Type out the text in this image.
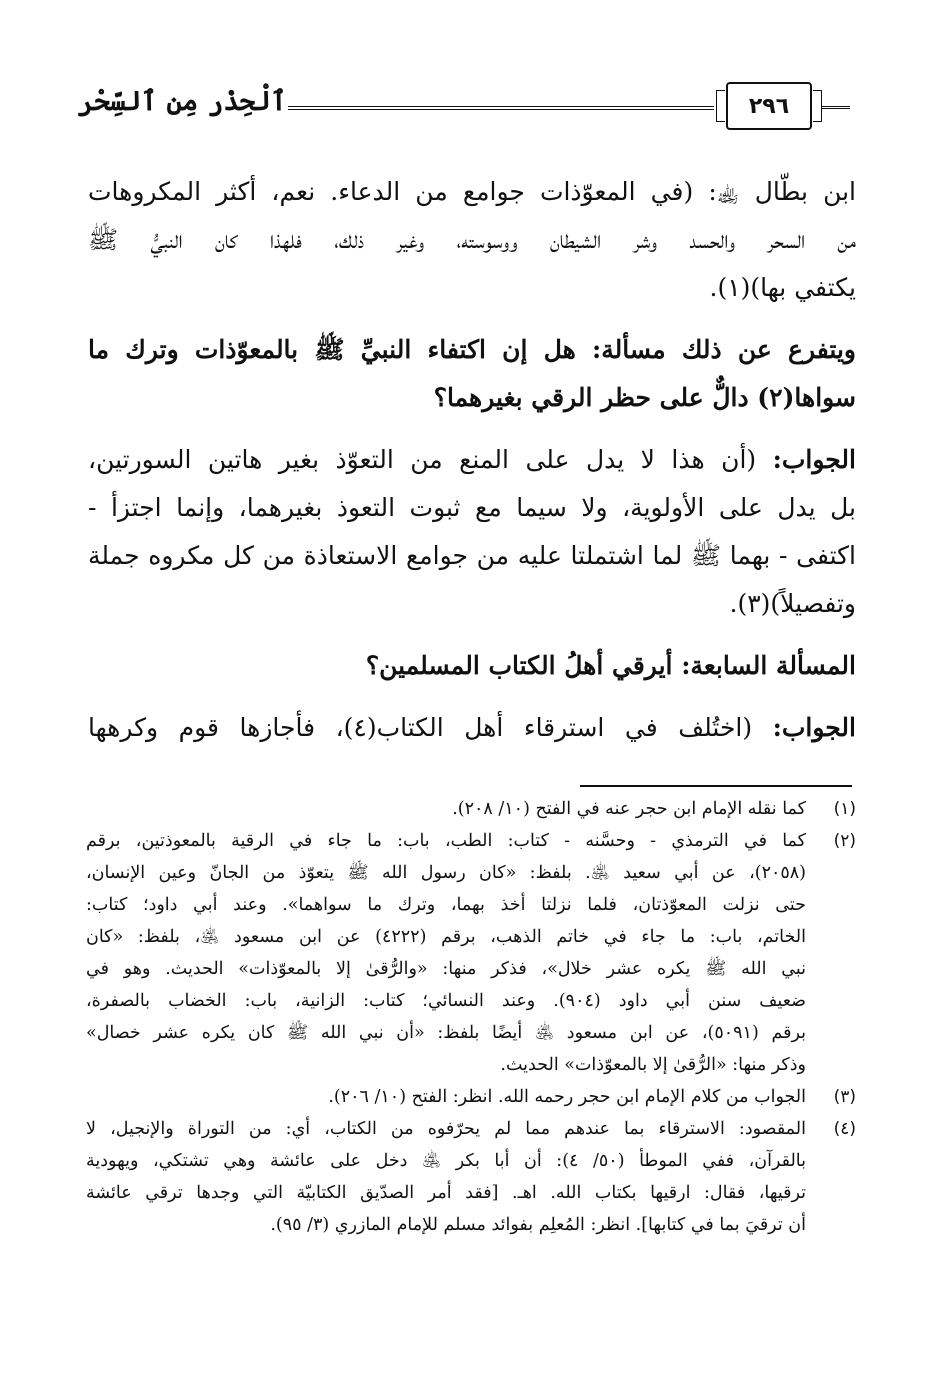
٢٩٦
ٱلْحِذْر مِن ٱلسِّحْر
ابن بطّال ﵀: (في المعوّذات جوامع من الدعاء. نعم، أكثر المكروهات
من السحر والحسد وشر الشيطان ووسوسته، وغير ذلك، فلهذا كان النبيُّ ﷺ
يكتفي بها)(١).
ويتفرع عن ذلك مسألة: هل إن اكتفاء النبيِّ ﷺ بالمعوّذات وترك ما
سواها(٢) دالٌّ على حظر الرقي بغيرهما؟
الجواب: (أن هذا لا يدل على المنع من التعوّذ بغير هاتين السورتين،
بل يدل على الأولوية، ولا سيما مع ثبوت التعوذ بغيرهما، وإنما اجتزأ -
اكتفى - بهما ﷺ لما اشتملتا عليه من جوامع الاستعاذة من كل مكروه جملة
وتفصيلاً)(٣).
المسألة السابعة: أيرقي أهلُ الكتاب المسلمين؟
الجواب: (اختُلف في استرقاء أهل الكتاب(٤)، فأجازها قوم وكرهها
(١)
كما نقله الإمام ابن حجر عنه في الفتح (١٠/ ٢٠٨).
(٢)
كما في الترمذي - وحسَّنه - كتاب: الطب، باب: ما جاء في الرقية بالمعوذتين، برقم
(٢٠٥٨)، عن أبي سعيد ﵁. بلفظ: «كان رسول الله ﷺ يتعوّذ من الجانّ وعين الإنسان،
حتى نزلت المعوّذتان، فلما نزلتا أخذ بهما، وترك ما سواهما». وعند أبي داود؛ كتاب:
الخاتم، باب: ما جاء في خاتم الذهب، برقم (٤٢٢٢) عن ابن مسعود ﵁، بلفظ: «كان
نبي الله ﷺ يكره عشر خلال»، فذكر منها: «والرُّقىٰ إلا بالمعوّذات» الحديث. وهو في
ضعيف سنن أبي داود (٩٠٤). وعند النسائي؛ كتاب: الزانية، باب: الخضاب بالصفرة،
برقم (٥٠٩١)، عن ابن مسعود ﵁ أيضًا بلفظ: «أن نبي الله ﷺ كان يكره عشر خصال»
وذكر منها: «الرُّقىٰ إلا بالمعوّذات» الحديث.
(٣)
الجواب من كلام الإمام ابن حجر رحمه الله. انظر: الفتح (١٠/ ٢٠٦).
(٤)
المقصود: الاسترقاء بما عندهم مما لم يحرّفوه من الكتاب، أي: من التوراة والإنجيل، لا
بالقرآن، ففي الموطأ (٥٠/ ٤): أن أبا بكر ﵁ دخل على عائشة وهي تشتكي، ويهودية
ترقيها، فقال: ارقيها بكتاب الله. اهـ. [فقد أمر الصدّيق الكتابيّة التي وجدها ترقي عائشة
أن ترقيَ بما في كتابها]. انظر: المُعلِم بفوائد مسلم للإمام المازري (٣/ ٩٥).
